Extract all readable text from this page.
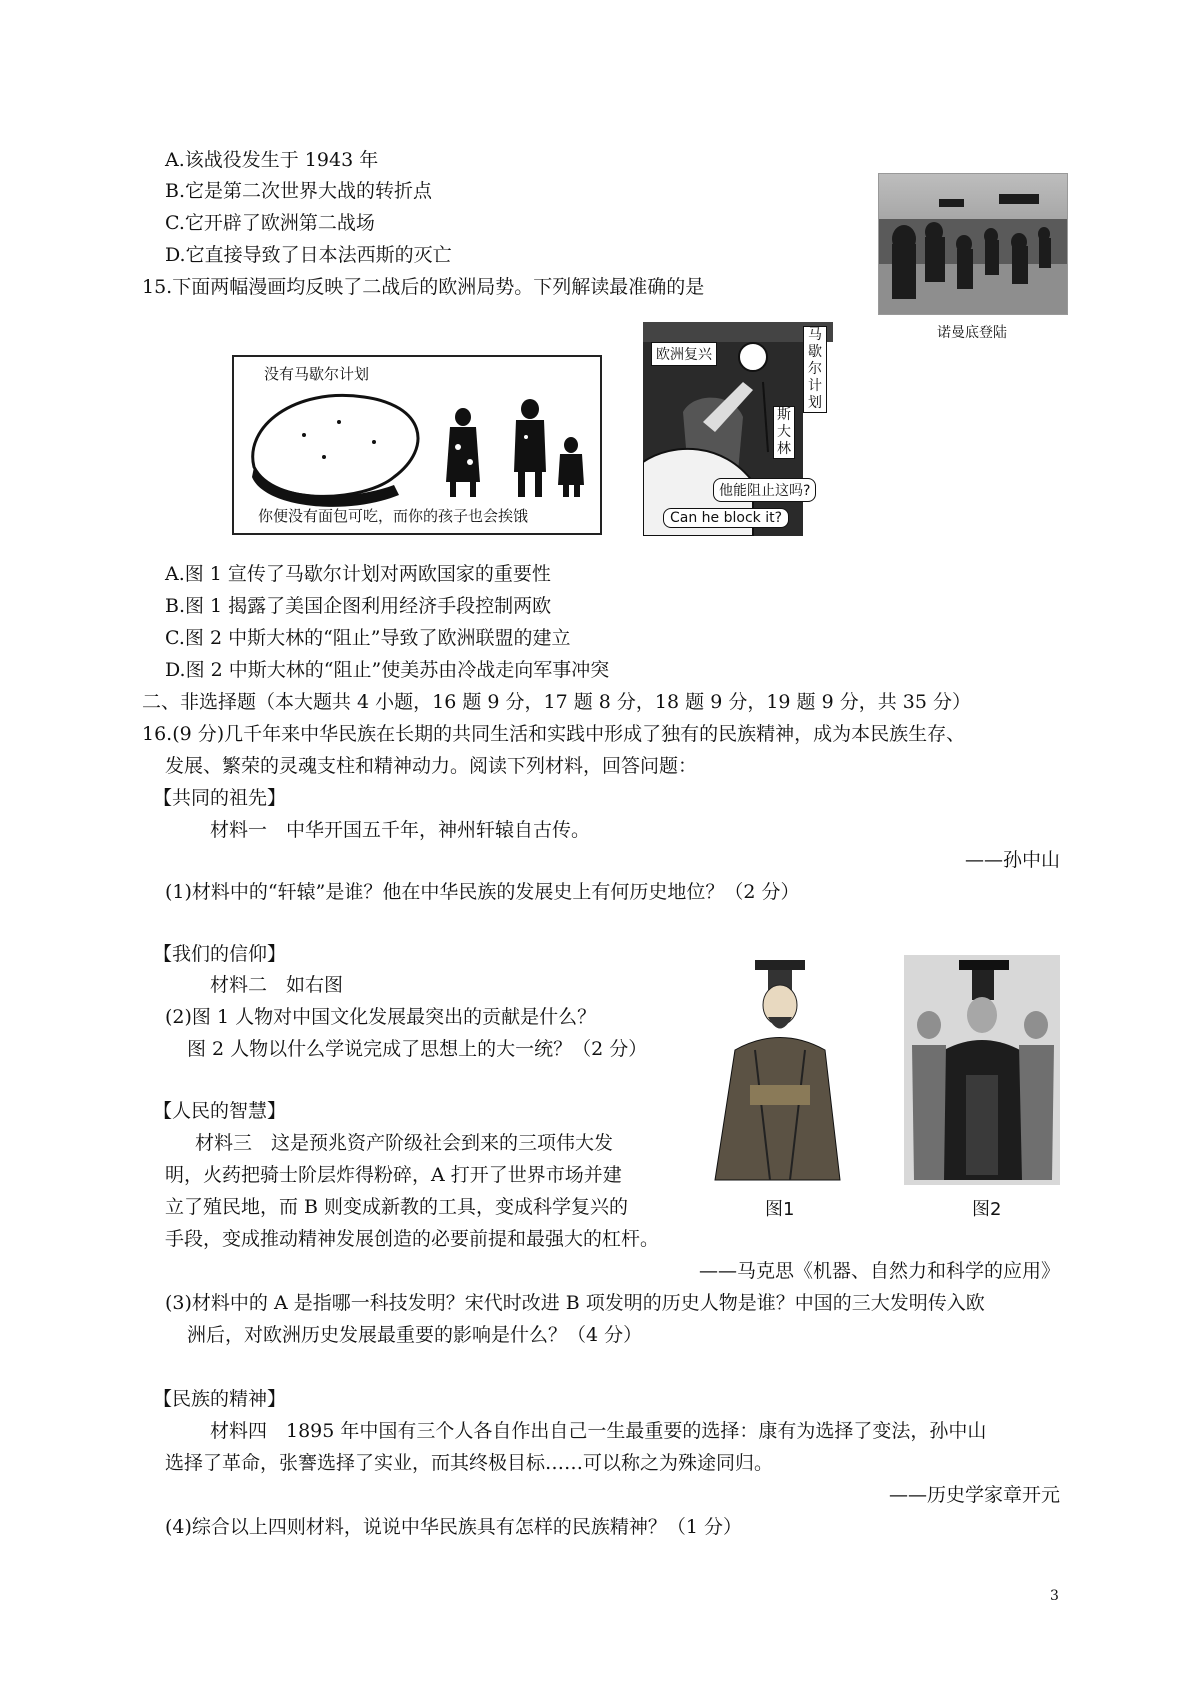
A.该战役发生于 1943 年
B.它是第二次世界大战的转折点
C.它开辟了欧洲第二战场
D.它直接导致了日本法西斯的灭亡
诺曼底登陆
15.下面两幅漫画均反映了二战后的欧洲局势。下列解读最准确的是
没有马歇尔计划
你便没有面包可吃，而你的孩子也会挨饿
欧洲复兴
马歇尔计划
斯大林
他能阻止这吗?
Can he block it?
A.图 1 宣传了马歇尔计划对两欧国家的重要性
B.图 1 揭露了美国企图利用经济手段控制两欧
C.图 2 中斯大林的“阻止”导致了欧洲联盟的建立
D.图 2 中斯大林的“阻止”使美苏由冷战走向军事冲突
二、非选择题（本大题共 4 小题，16 题 9 分，17 题 8 分，18 题 9 分，19 题 9 分，共 35 分）
16.(9 分)几千年来中华民族在长期的共同生活和实践中形成了独有的民族精神，成为本民族生存、
发展、繁荣的灵魂支柱和精神动力。阅读下列材料，回答问题：
【共同的祖先】
材料一　中华开国五千年，神州轩辕自古传。
——孙中山
(1)材料中的“轩辕”是谁？他在中华民族的发展史上有何历史地位？（2 分）
【我们的信仰】
材料二　如右图
(2)图 1 人物对中国文化发展最突出的贡献是什么？
图 2 人物以什么学说完成了思想上的大一统？（2 分）
图1	图2
【人民的智慧】
材料三　这是预兆资产阶级社会到来的三项伟大发
明，火药把骑士阶层炸得粉碎，A 打开了世界市场并建
立了殖民地，而 B 则变成新教的工具，变成科学复兴的
手段，变成推动精神发展创造的必要前提和最强大的杠杆。
——马克思《机器、自然力和科学的应用》
(3)材料中的 A 是指哪一科技发明？宋代时改进 B 项发明的历史人物是谁？中国的三大发明传入欧
洲后，对欧洲历史发展最重要的影响是什么？（4 分）
【民族的精神】
材料四　1895 年中国有三个人各自作出自己一生最重要的选择：康有为选择了变法，孙中山
选择了革命，张謇选择了实业，而其终极目标……可以称之为殊途同归。
——历史学家章开元
(4)综合以上四则材料，说说中华民族具有怎样的民族精神？（1 分）
3
